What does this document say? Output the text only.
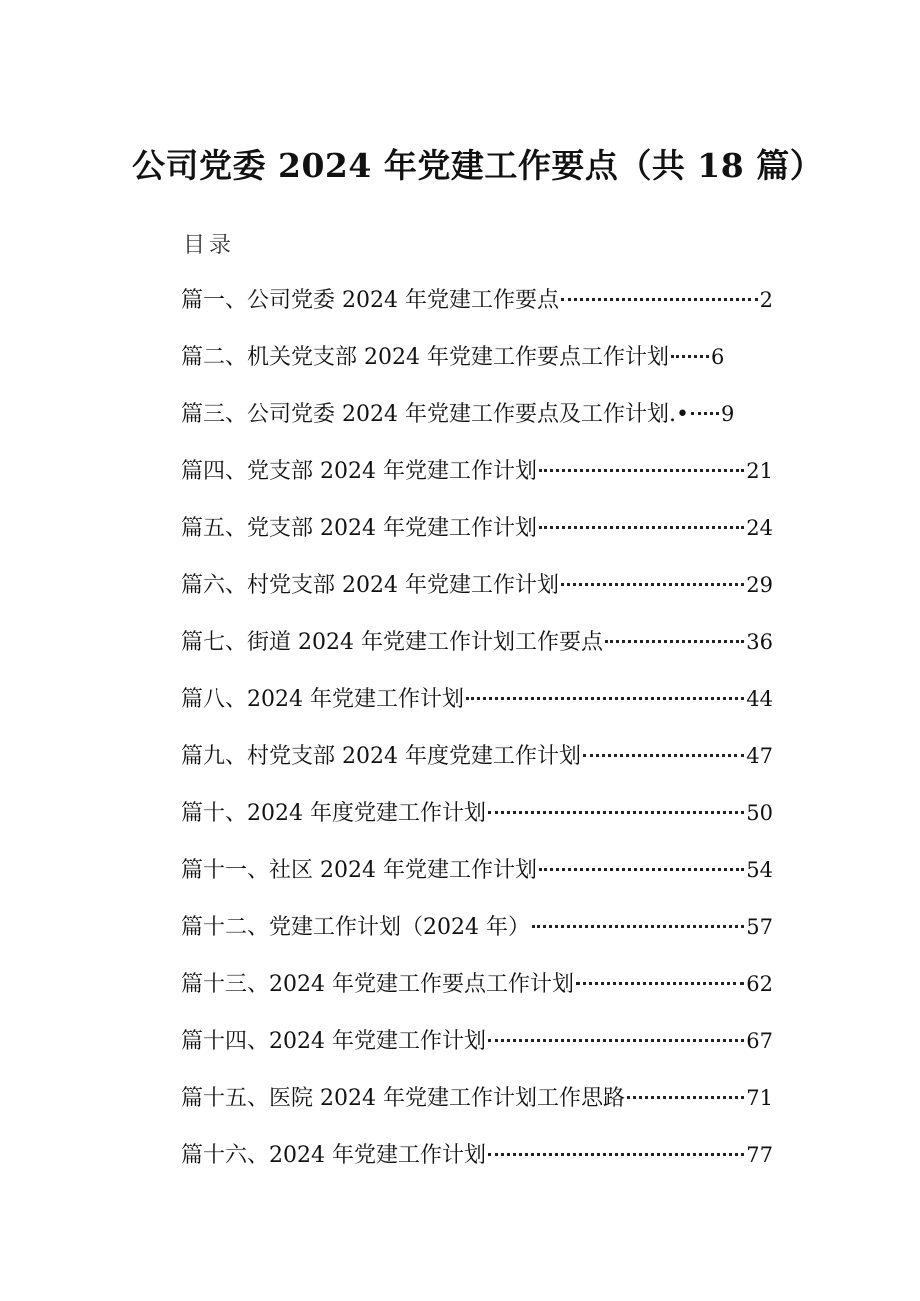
公司党委 2024 年党建工作要点（共 18 篇）
目录
篇一、公司党委 2024 年党建工作要点	2
篇二、机关党支部 2024 年党建工作要点工作计划 6
篇三、公司党委 2024 年党建工作要点及工作计划.• 9
篇四、党支部 2024 年党建工作计划	21
篇五、党支部 2024 年党建工作计划	24
篇六、村党支部 2024 年党建工作计划	29
篇七、街道 2024 年党建工作计划工作要点	36
篇八、2024 年党建工作计划	44
篇九、村党支部 2024 年度党建工作计划	47
篇十、2024 年度党建工作计划	50
篇十一、社区 2024 年党建工作计划	54
篇十二、党建工作计划（2024 年）	57
篇十三、2024 年党建工作要点工作计划	62
篇十四、2024 年党建工作计划	67
篇十五、医院 2024 年党建工作计划工作思路	71
篇十六、2024 年党建工作计划	77
